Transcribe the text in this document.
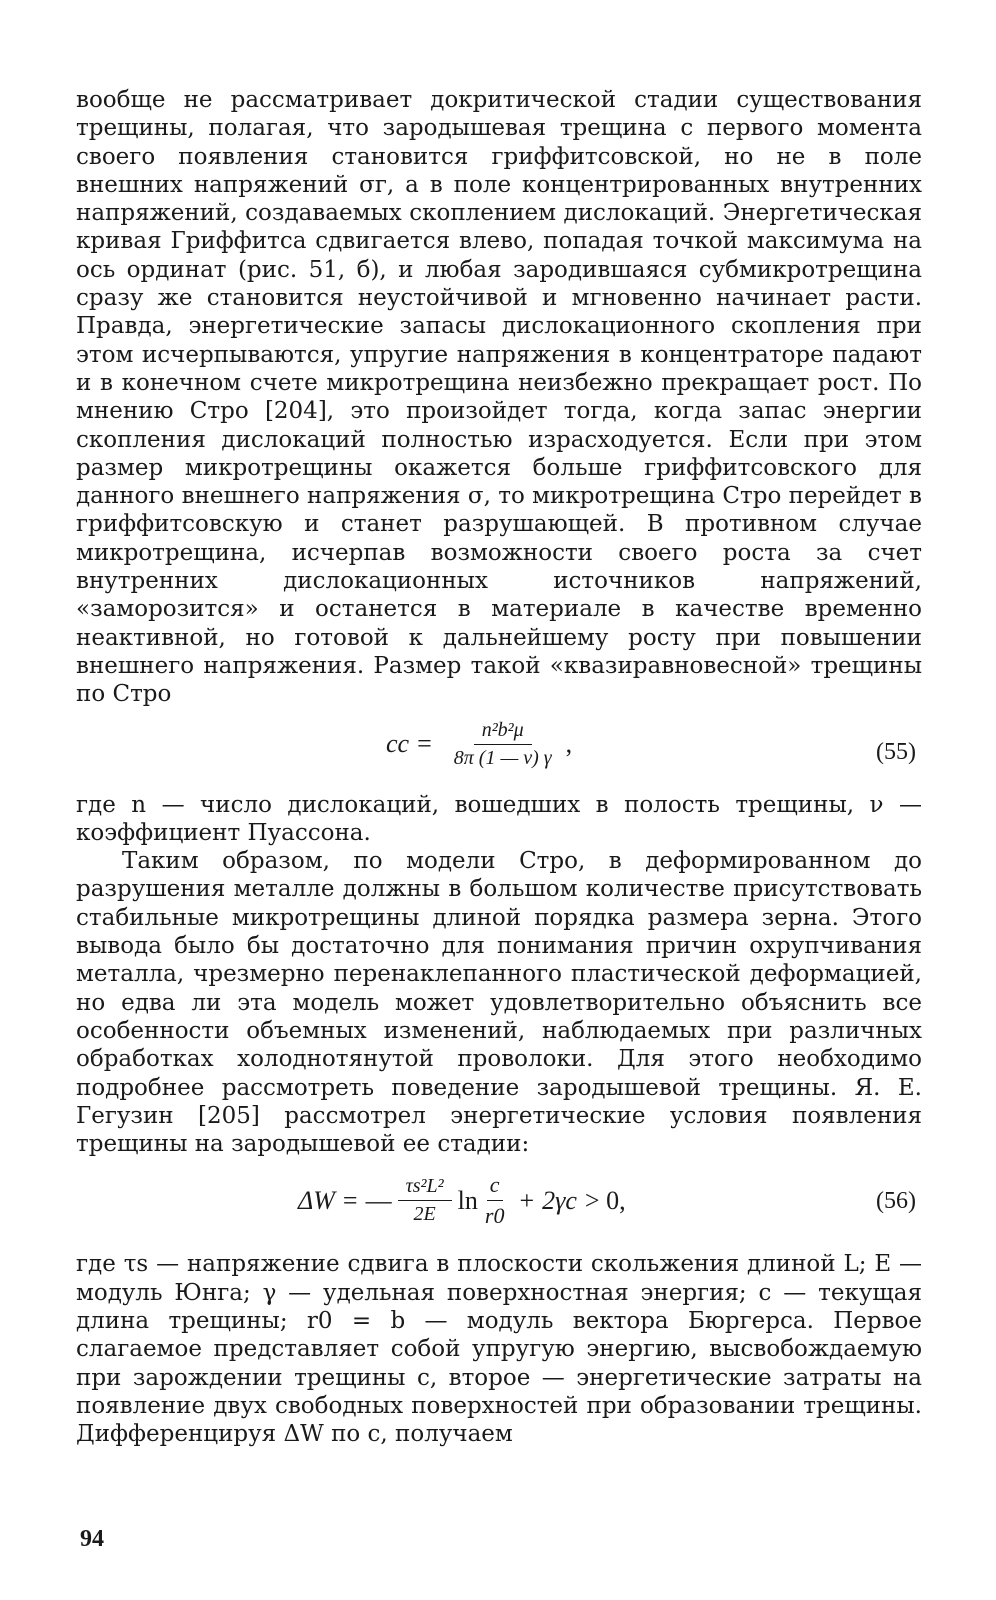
вообще не рассматривает докритической стадии существования трещины, полагая, что зародышевая трещина с первого момента своего появления становится гриффитсовской, но не в поле внешних напряжений σг, а в поле концентрированных внутренних напряжений, создаваемых скоплением дислокаций. Энергетическая кривая Гриффитса сдвигается влево, попадая точкой максимума на ось ординат (рис. 51, б), и любая зародившаяся субмикротрещина сразу же становится неустойчивой и мгновенно начинает расти. Правда, энергетические запасы дислокационного скопления при этом исчерпываются, упругие напряжения в концентраторе падают и в конечном счете микротрещина неизбежно прекращает рост. По мнению Стро [204], это произойдет тогда, когда запас энергии скопления дислокаций полностью израсходуется. Если при этом размер микротрещины окажется больше гриффитсовского для данного внешнего напряжения σ, то микротрещина Стро перейдет в гриффитсовскую и станет разрушающей. В противном случае микротрещина, исчерпав возможности своего роста за счет внутренних дислокационных источников напряжений, «заморозится» и останется в материале в качестве временно неактивной, но готовой к дальнейшему росту при повышении внешнего напряжения. Размер такой «квазиравновесной» трещины по Стро

cс = $\frac{\text{n²b²μ}}{8\pi (1 — \nu) \gamma}$ ,	(55)

где n — число дислокаций, вошедших в полость трещины, ν — коэффициент Пуассона.

Таким образом, по модели Стро, в деформированном до разрушения металле должны в большом количестве присутствовать стабильные микротрещины длиной порядка размера зерна. Этого вывода было бы достаточно для понимания причин охрупчивания металла, чрезмерно перенаклепанного пластической деформацией, но едва ли эта модель может удовлетворительно объяснить все особенности объемных изменений, наблюдаемых при различных обработках холоднотянутой проволоки. Для этого необходимо подробнее рассмотреть поведение зародышевой трещины. Я. Е. Гегузин [205] рассмотрел энергетические условия появления трещины на зародышевой ее стадии:

ΔW = — $\frac{\text{τs²L²}}{2E}$ $\ln \frac{c}{r0} + 2\gamma c > 0$,	(56)

где τs — напряжение сдвига в плоскости скольжения длиной L; E — модуль Юнга; γ — удельная поверхностная энергия; c — текущая длина трещины; r0 = b — модуль вектора Бюргерса. Первое слагаемое представляет собой упругую энергию, высвобождаемую при зарождении трещины c, второе — энергетические затраты на появление двух свободных поверхностей при образовании трещины. Дифференцируя ΔW по c, получаем

94
